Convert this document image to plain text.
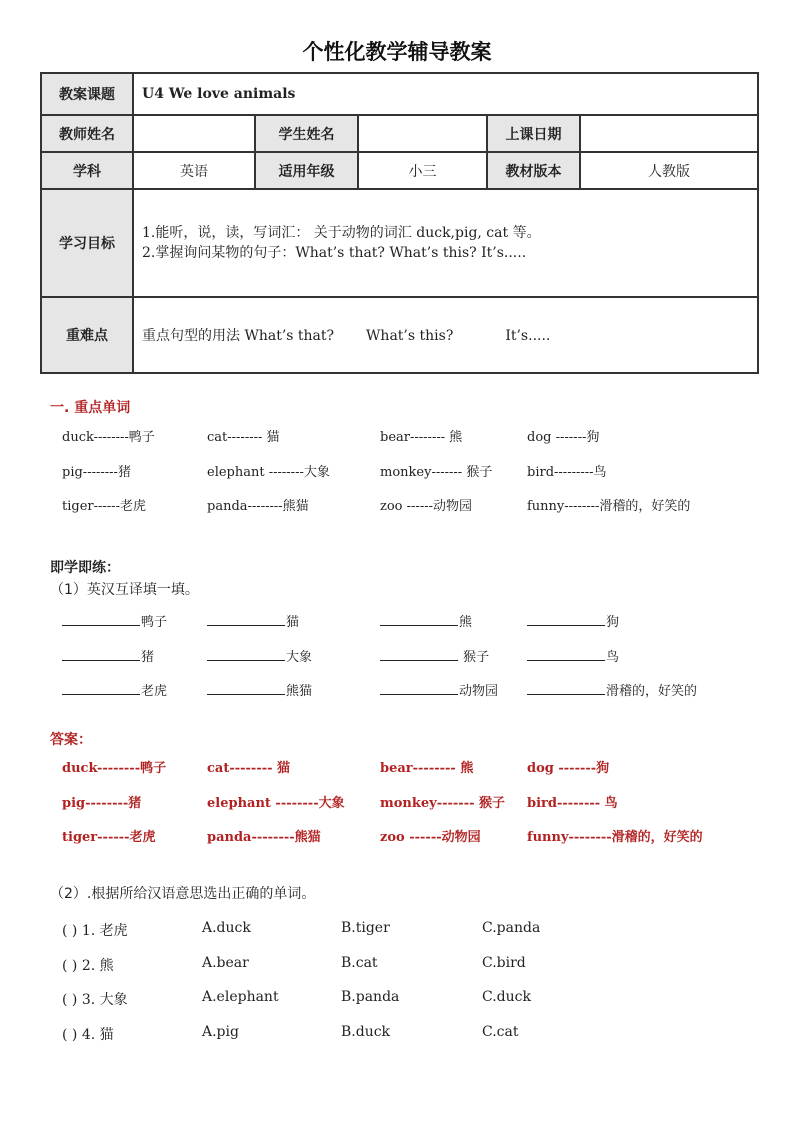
个性化教学辅导教案
教案课题	U4 We love animals				
教师姓名		学生姓名		上课日期	
学科	英语	适用年级	小三	教材版本	人教版
学习目标	1.能听，说，读，写词汇： 关于动物的词汇 duck,pig, cat 等。
2.掌握询问某物的句子：What’s that? What’s this? It’s.....				

重难点	重点句型的用法 What’s that? What’s this? It’s.....				
一. 重点单词
duck--------鸭子	cat-------- 猫	bear-------- 熊	dog -------狗
pig--------猪	elephant --------大象	monkey------- 猴子	bird---------鸟
tiger------老虎	panda--------熊猫	zoo ------动物园	funny--------滑稽的，好笑的
即学即练：
（1）英汉互译填一填。
鸭子	猫	熊	狗
猪	大象	猴子	鸟
老虎	熊猫	动物园	滑稽的，好笑的
答案：
duck--------鸭子	cat-------- 猫	bear-------- 熊	dog -------狗
pig--------猪	elephant --------大象	monkey------- 猴子	bird-------- 鸟
tiger------老虎	panda--------熊猫	zoo ------动物园	funny--------滑稽的，好笑的
（2）.根据所给汉语意思选出正确的单词。
( ) 1. 老虎	A.duck	B.tiger	C.panda
( ) 2. 熊	A.bear	B.cat	C.bird
( ) 3. 大象	A.elephant	B.panda	C.duck
( ) 4. 猫	A.pig	B.duck	C.cat
